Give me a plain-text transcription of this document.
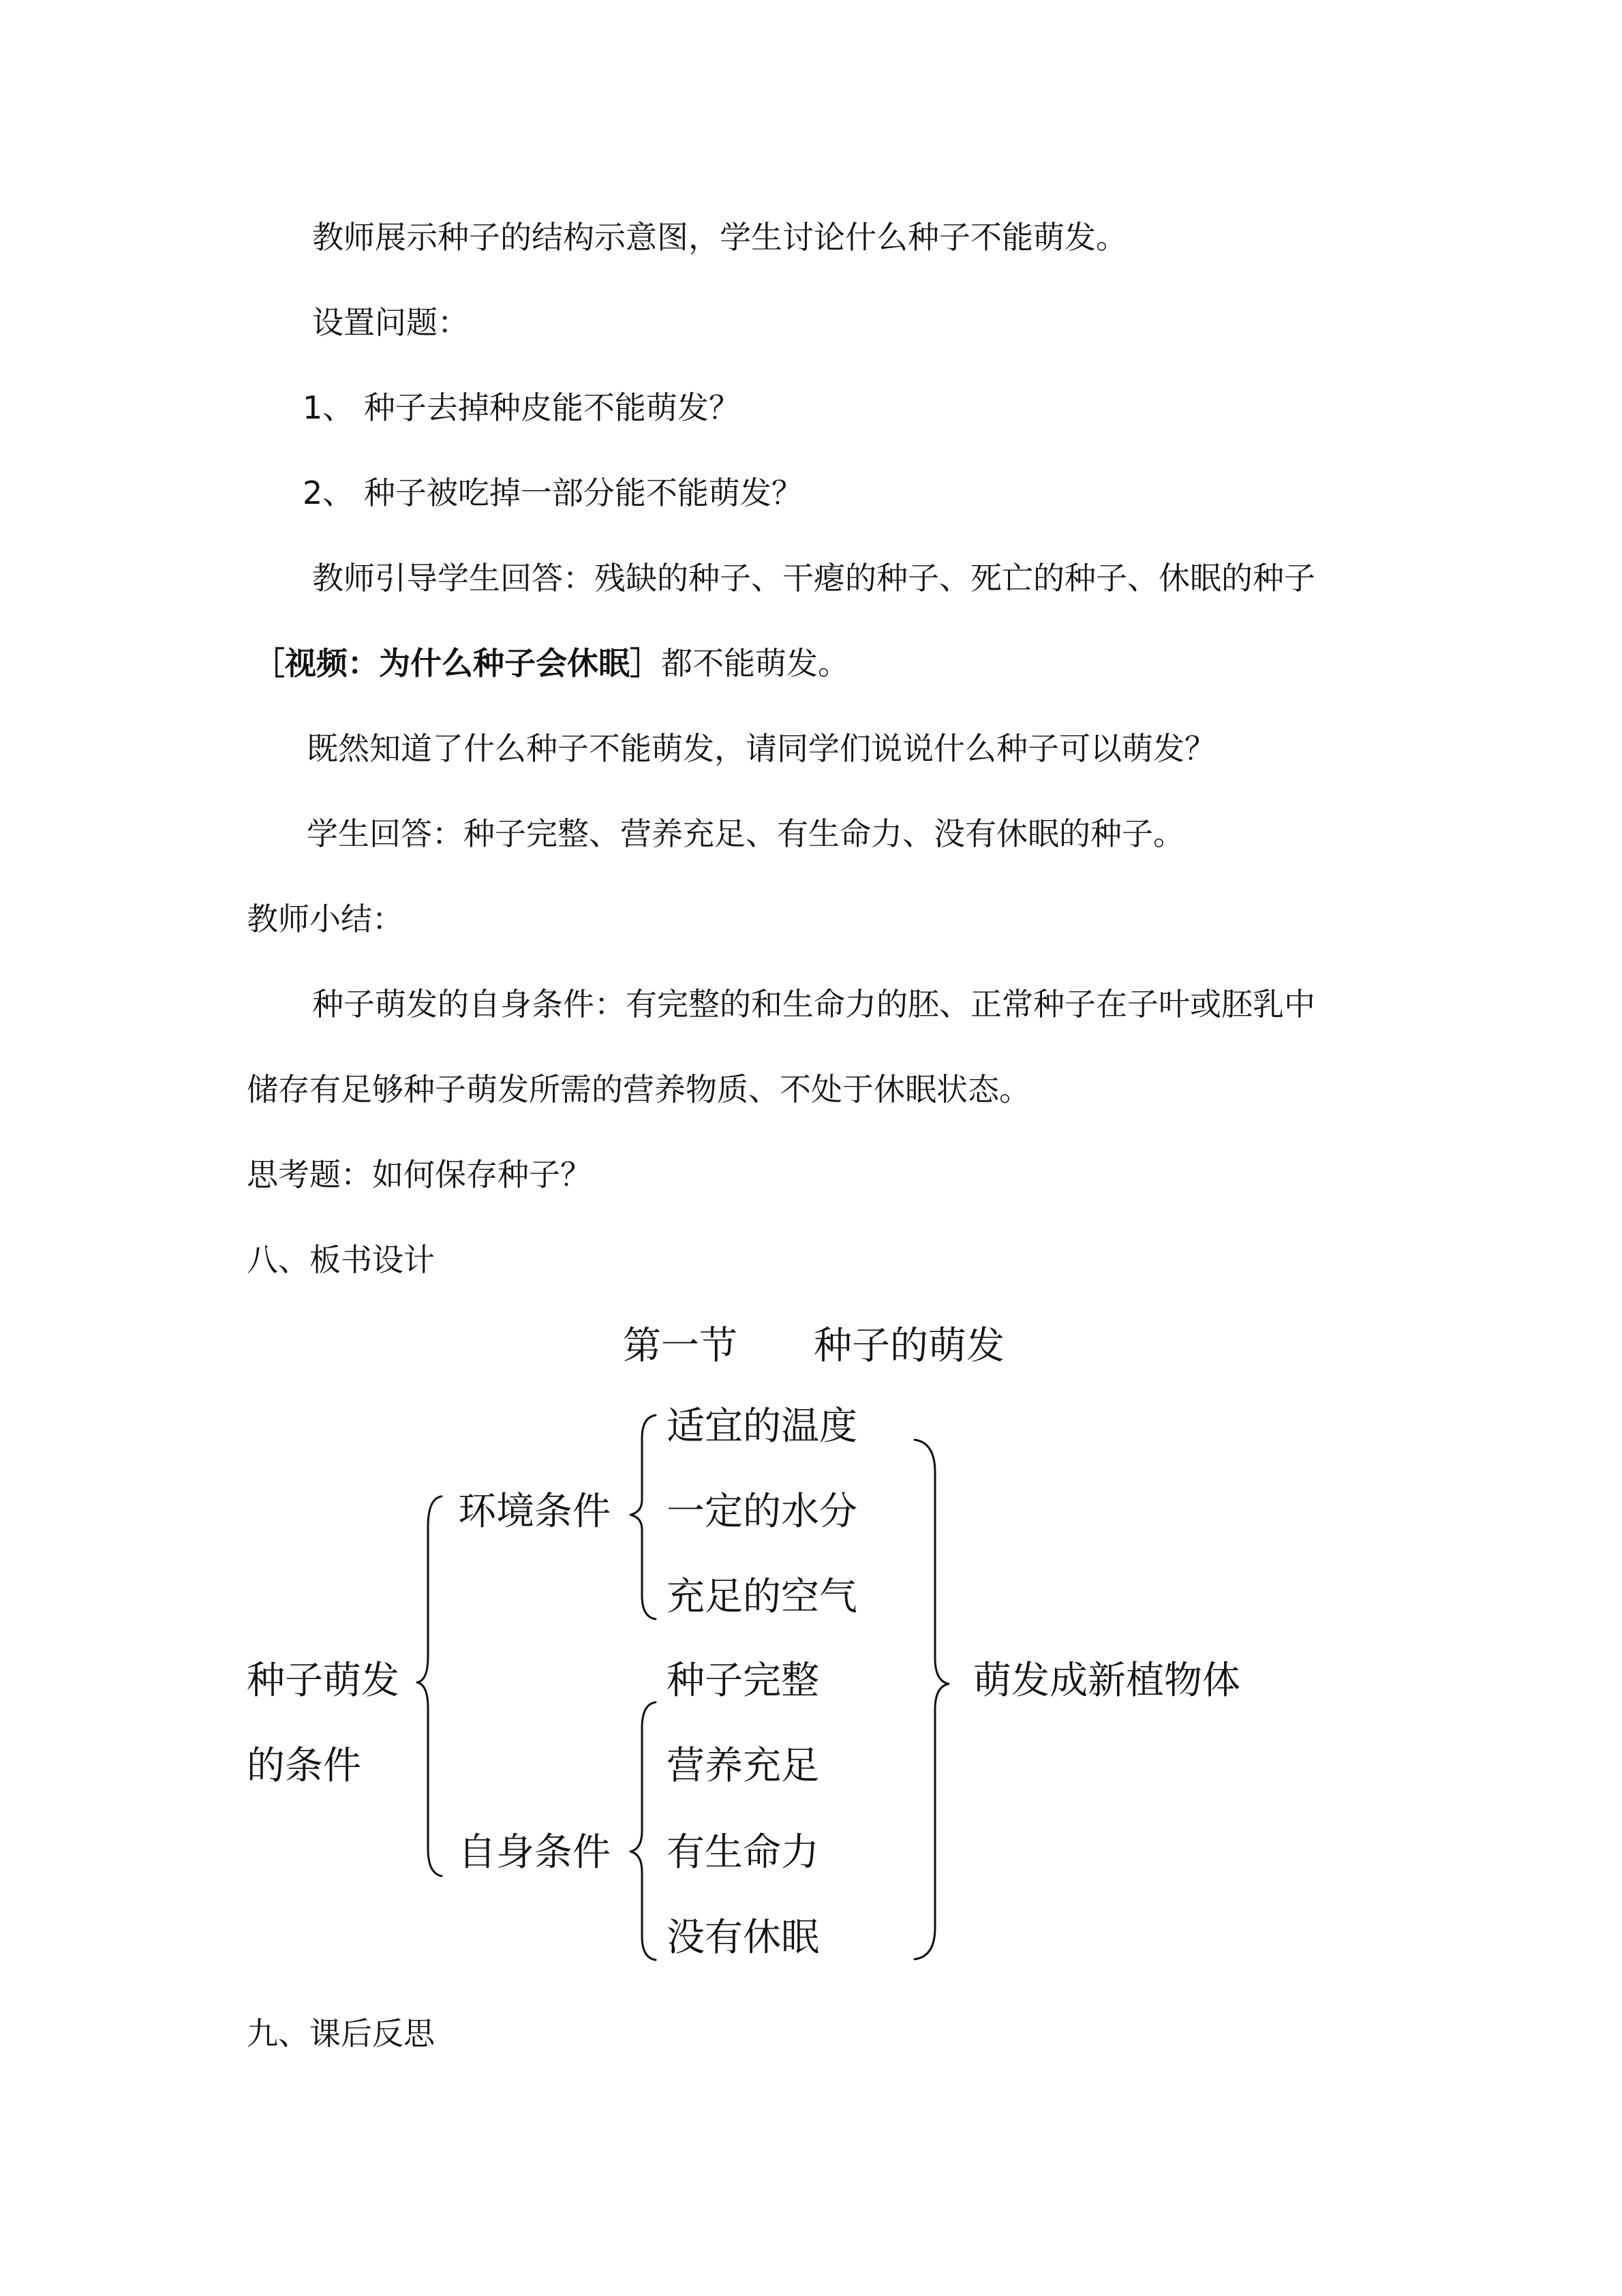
教师展示种子的结构示意图，学生讨论什么种子不能萌发。
设置问题：
1、 种子去掉种皮能不能萌发？
2、 种子被吃掉一部分能不能萌发？
教师引导学生回答：残缺的种子、干瘪的种子、死亡的种子、休眠的种子
［视频：为什么种子会休眠］都不能萌发。
既然知道了什么种子不能萌发，请同学们说说什么种子可以萌发？
学生回答：种子完整、营养充足、有生命力、没有休眠的种子。
教师小结：
种子萌发的自身条件：有完整的和生命力的胚、正常种子在子叶或胚乳中
储存有足够种子萌发所需的营养物质、不处于休眠状态。
思考题：如何保存种子？
八、板书设计
第一节 种子的萌发
种子萌发
的条件
环境条件
自身条件
适宜的温度
一定的水分
充足的空气
种子完整
营养充足
有生命力
没有休眠
萌发成新植物体
九、课后反思
